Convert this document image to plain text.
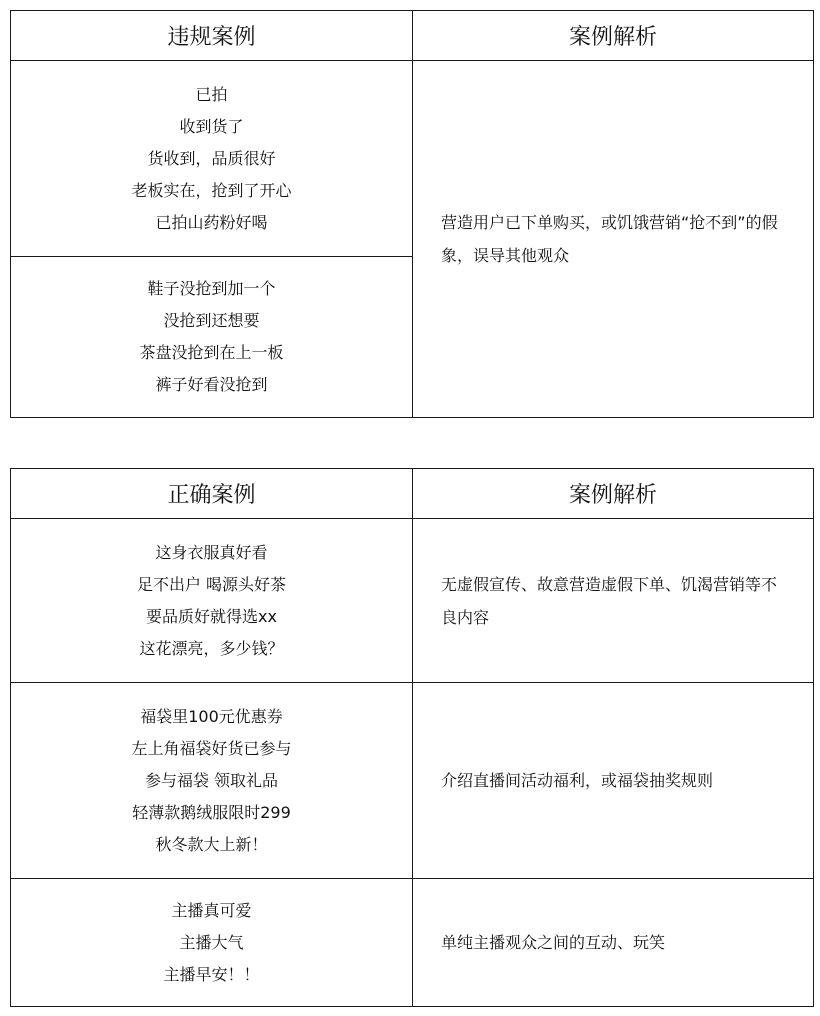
违规案例	案例解析

已拍
收到货了
货收到，品质很好
老板实在，抢到了开心
已拍山药粉好喝	营造用户已下单购买，或饥饿营销“抢不到”的假象，误导其他观众

鞋子没抢到加一个
没抢到还想要
茶盘没抢到在上一板
裤子好看没抢到	
正确案例	案例解析

这身衣服真好看
足不出户 喝源头好茶
要品质好就得选xx
这花漂亮，多少钱？	无虚假宣传、故意营造虚假下单、饥渴营销等不良内容

福袋里100元优惠券
左上角福袋好货已参与
参与福袋 领取礼品
轻薄款鹅绒服限时299
秋冬款大上新！	介绍直播间活动福利，或福袋抽奖规则

主播真可爱
主播大气
主播早安！！	单纯主播观众之间的互动、玩笑
